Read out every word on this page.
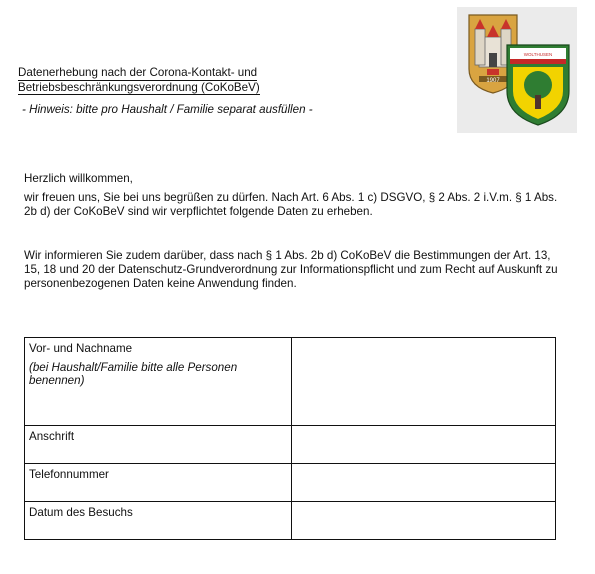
Datenerhebung nach der Corona-Kontakt- und
Betriebsbeschränkungsverordnung (CoKoBeV)
- Hinweis: bitte pro Haushalt / Familie separat ausfüllen -
1907
WOLTHUSEN
Herzlich willkommen,
wir freuen uns, Sie bei uns begrüßen zu dürfen. Nach Art. 6 Abs. 1 c) DSGVO, § 2 Abs. 2 i.V.m. § 1 Abs. 2b d) der CoKoBeV sind wir verpflichtet folgende Daten zu erheben.
Wir informieren Sie zudem darüber, dass nach § 1 Abs. 2b d) CoKoBeV die Bestimmungen der Art. 13, 15, 18 und 20 der Datenschutz-Grundverordnung zur Informationspflicht und zum Recht auf Auskunft zu personenbezogenen Daten keine Anwendung finden.
Vor- und Nachname
(bei Haushalt/Familie bitte alle Personen benennen)	

Anschrift	
Telefonnummer	
Datum des Besuchs	
